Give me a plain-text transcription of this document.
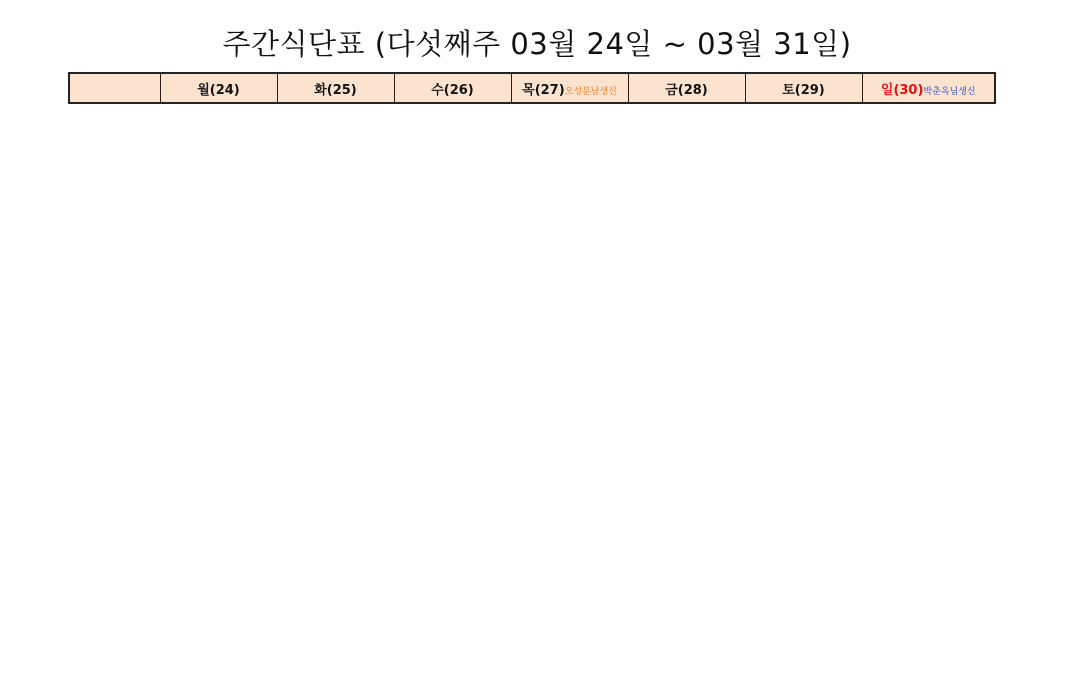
주간식단표 (다섯째주 03월 24일 ~ 03월 31일)
	월(24)	화(25)	수(26)	목(27)오성분남생신	금(28)	토(29)	일(30)박춘옥님생신
